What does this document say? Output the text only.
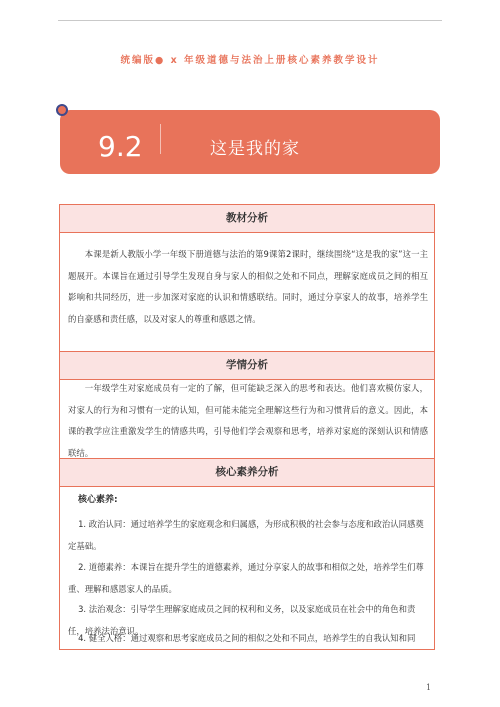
统编版● x 年级道德与法治上册核心素养教学设计
9.2	这是我的家
教材分析
本课是新人教版小学一年级下册道德与法治的第9课第2课时，继续围绕“这是我的家”这一主题展开。本课旨在通过引导学生发现自身与家人的相似之处和不同点，理解家庭成员之间的相互影响和共同经历，进一步加深对家庭的认识和情感联结。同时，通过分享家人的故事，培养学生的自豪感和责任感，以及对家人的尊重和感恩之情。
学情分析
一年级学生对家庭成员有一定的了解，但可能缺乏深入的思考和表达。他们喜欢模仿家人，对家人的行为和习惯有一定的认知，但可能未能完全理解这些行为和习惯背后的意义。因此，本课的教学应注重激发学生的情感共鸣，引导他们学会观察和思考，培养对家庭的深刻认识和情感联结。
核心素养分析
核心素养:
1. 政治认同：通过培养学生的家庭观念和归属感，为形成积极的社会参与态度和政治认同感奠定基础。
2. 道德素养：本课旨在提升学生的道德素养，通过分享家人的故事和相似之处，培养学生们尊重、理解和感恩家人的品质。
3. 法治观念：引导学生理解家庭成员之间的权利和义务，以及家庭成员在社会中的角色和责任，培养法治意识。
4. 健全人格：通过观察和思考家庭成员之间的相似之处和不同点，培养学生的自我认知和同
1
